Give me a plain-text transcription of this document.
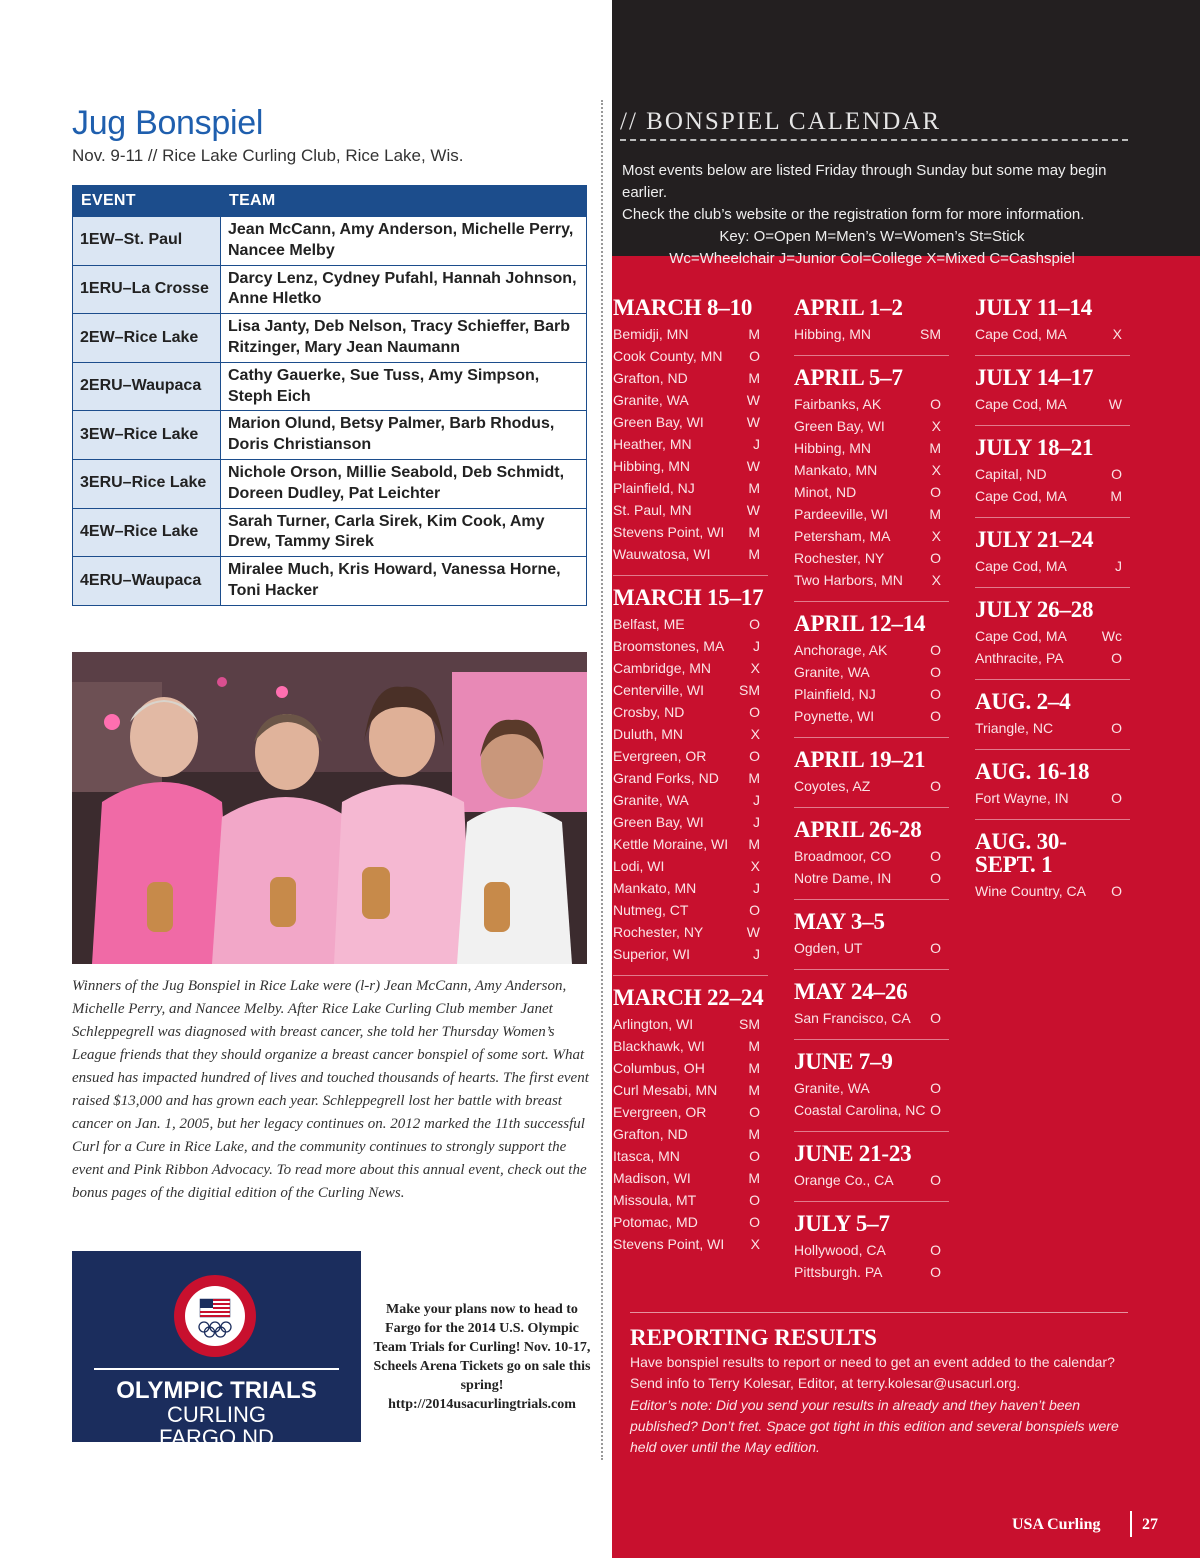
Jug Bonspiel
Nov. 9-11 // Rice Lake Curling Club, Rice Lake, Wis.
EVENT	TEAM
1EW–St. Paul	Jean McCann, Amy Anderson, Michelle Perry, Nancee Melby
1ERU–La Crosse	Darcy Lenz, Cydney Pufahl, Hannah Johnson, Anne Hletko
2EW–Rice Lake	Lisa Janty, Deb Nelson, Tracy Schieffer, Barb Ritzinger, Mary Jean Naumann
2ERU–Waupaca	Cathy Gauerke, Sue Tuss, Amy Simpson, Steph Eich
3EW–Rice Lake	Marion Olund, Betsy Palmer, Barb Rhodus, Doris Christianson
3ERU–Rice Lake	Nichole Orson, Millie Seabold, Deb Schmidt, Doreen Dudley, Pat Leichter
4EW–Rice Lake	Sarah Turner, Carla Sirek, Kim Cook, Amy Drew, Tammy Sirek
4ERU–Waupaca	Miralee Much, Kris Howard, Vanessa Horne, Toni Hacker
Winners of the Jug Bonspiel in Rice Lake were (l-r) Jean McCann, Amy Anderson, Michelle Perry, and Nancee Melby. After Rice Lake Curling Club member Janet Schleppegrell was diagnosed with breast cancer, she told her Thursday Women’s League friends that they should organize a breast cancer bonspiel of some sort. What ensued has impacted hundred of lives and touched thousands of hearts. The first event raised $13,000 and has grown each year. Schleppegrell lost her battle with breast cancer on Jan. 1, 2005, but her legacy continues on. 2012 marked the 11th successful Curl for a Cure in Rice Lake, and the community continues to strongly support the event and Pink Ribbon Advocacy. To read more about this annual event, check out the bonus pages of the digitial edition of the Curling News.
OLYMPIC TRIALS
CURLING
FARGO ND
Make your plans now to head to Fargo for the 2014 U.S. Olympic Team Trials for Curling! Nov. 10-17, Scheels Arena Tickets go on sale this spring! http://2014usacurlingtrials.com
// BONSPIEL CALENDAR
Most events below are listed Friday through Sunday but some may begin earlier.
Check the club’s website or the registration form for more information.
Key: O=Open M=Men’s W=Women’s St=Stick
Wc=Wheelchair J=Junior Col=College X=Mixed C=Cashspiel
MARCH 8–10
Bemidji, MN	M
Cook County, MN O
Grafton, ND	M
Granite, WA	W
Green Bay, WI	W
Heather, MN	J
Hibbing, MN	W
Plainfield, NJ	M
St. Paul, MN	W
Stevens Point, WI M
Wauwatosa, WI	M
MARCH 15–17
Belfast, ME	O
Broomstones, MA J
Cambridge, MN	X
Centerville, WI SM
Crosby, ND	O
Duluth, MN	X
Evergreen, OR	O
Grand Forks, ND M
Granite, WA	J
Green Bay, WI	J
Kettle Moraine, WI M
Lodi, WI	X
Mankato, MN	J
Nutmeg, CT	O
Rochester, NY	W
Superior, WI	J
MARCH 22–24
Arlington, WI	SM
Blackhawk, WI	M
Columbus, OH	M
Curl Mesabi, MN M
Evergreen, OR	O
Grafton, ND	M
Itasca, MN	O
Madison, WI	M
Missoula, MT	O
Potomac, MD	O
Stevens Point, WI X
APRIL 1–2
Hibbing, MN	SM
APRIL 5–7
Fairbanks, AK	O
Green Bay, WI	X
Hibbing, MN	M
Mankato, MN	X
Minot, ND	O
Pardeeville, WI	M
Petersham, MA	X
Rochester, NY	O
Two Harbors, MN X
APRIL 12–14
Anchorage, AK	O
Granite, WA	O
Plainfield, NJ	O
Poynette, WI	O
APRIL 19–21
Coyotes, AZ	O
APRIL 26-28
Broadmoor, CO	O
Notre Dame, IN	O
MAY 3–5
Ogden, UT	O
MAY 24–26
San Francisco, CA O
JUNE 7–9
Granite, WA	O
Coastal Carolina, NC O
JUNE 21-23
Orange Co., CA	O
JULY 5–7
Hollywood, CA	O
Pittsburgh. PA	O
JULY 11–14
Cape Cod, MA	X
JULY 14–17
Cape Cod, MA	W
JULY 18–21
Capital, ND	O
Cape Cod, MA	M
JULY 21–24
Cape Cod, MA	J
JULY 26–28
Cape Cod, MA Wc
Anthracite, PA	O
AUG. 2–4
Triangle, NC	O
AUG. 16-18
Fort Wayne, IN	O
AUG. 30- SEPT. 1
Wine Country, CA O
REPORTING RESULTS
Have bonspiel results to report or need to get an event added to the calendar? Send info to Terry Kolesar, Editor, at terry.kolesar@usacurl.org.
Editor’s note: Did you send your results in already and they haven’t been published? Don’t fret. Space got tight in this edition and several bonspiels were held over until the May edition.
USA Curling	27
